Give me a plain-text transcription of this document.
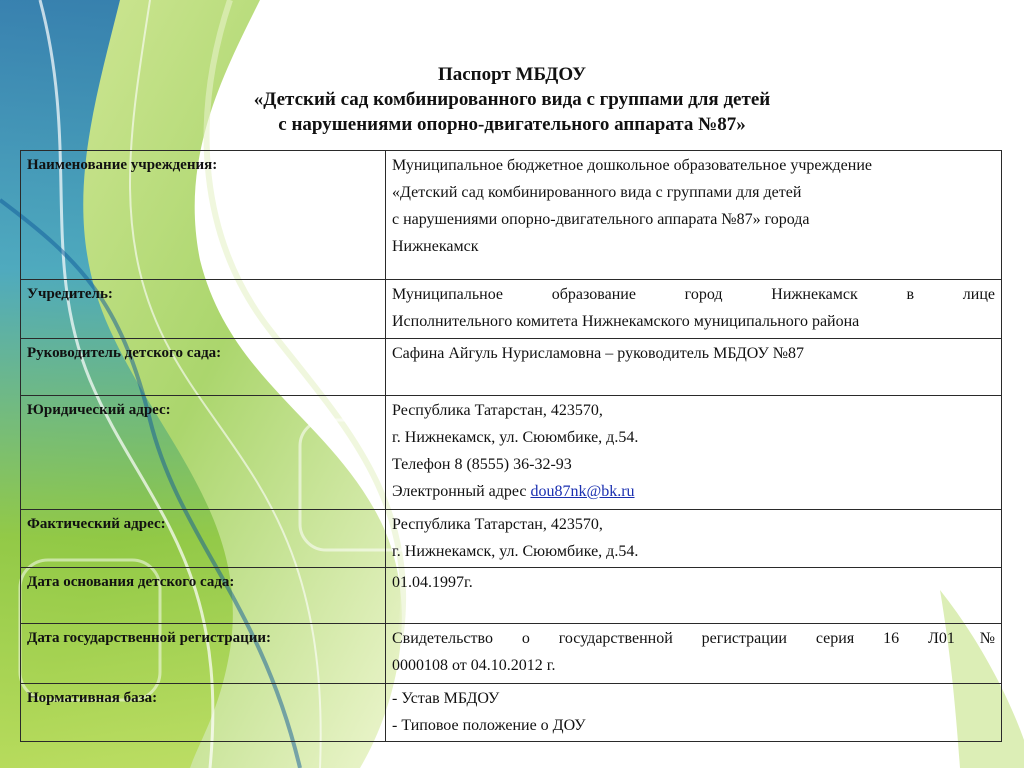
Паспорт МБДОУ
«Детский сад комбинированного вида с группами для детей
с нарушениями опорно-двигательного аппарата №87»
Наименование учреждения:	Муниципальное бюджетное дошкольное образовательное учреждение
«Детский сад комбинированного вида с группами для детей
с нарушениями опорно-двигательного аппарата №87» города
Нижнекамск

Учредитель:	Муниципальное образование город Нижнекамск в лице
Исполнительного комитета Нижнекамского муниципального района

Руководитель детского сада:	Сафина Айгуль Нурисламовна – руководитель МБДОУ №87

Юридический адрес:	Республика Татарстан, 423570,
г. Нижнекамск, ул. Сююмбике, д.54.
Телефон 8 (8555) 36-32-93
Электронный адрес dou87nk@bk.ru

Фактический адрес:	Республика Татарстан, 423570,
г. Нижнекамск, ул. Сююмбике, д.54.

Дата основания детского сада:	01.04.1997г.

Дата государственной регистрации:	Свидетельство о государственной регистрации серия 16 Л01№
0000108 от 04.10.2012 г.

Нормативная база:	- Устав МБДОУ
- Типовое положение о ДОУ
